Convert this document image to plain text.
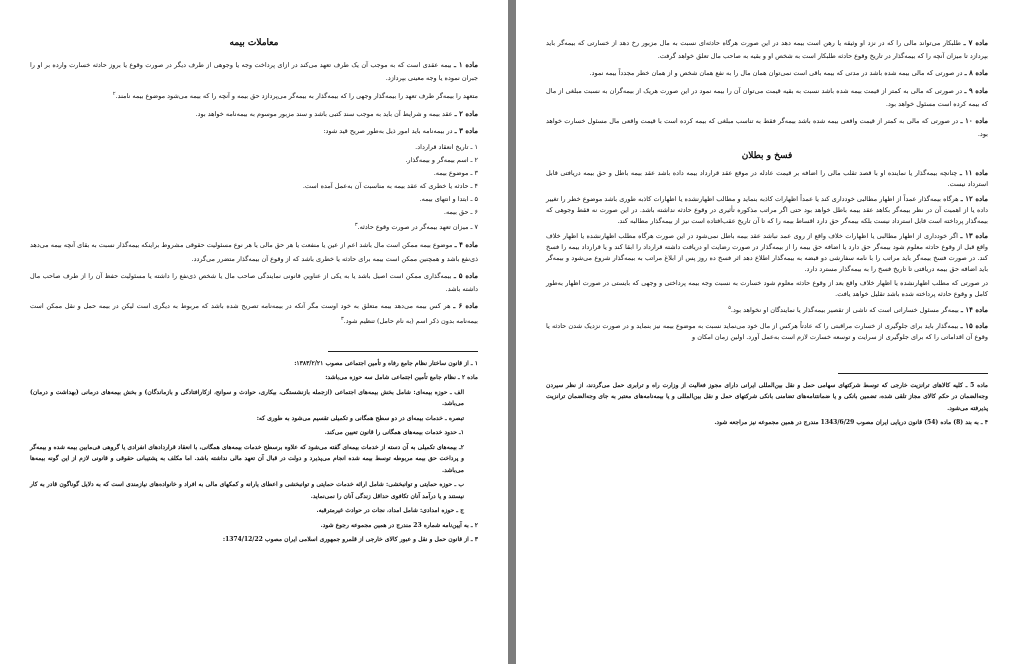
معاملات بیمه

ماده ۱ ـ بیمه عقدی است که به موجب آن یک طرف تعهد می‌کند در ازای پرداخت وجه یا وجوهی از طرف دیگر در صورت وقوع یا بروز حادثه خسارت وارده بر او را جبران نموده یا وجه معینی بپردازد.

متعهد را بیمه‌گر طرف تعهد را بیمه‌گذار وجهی را که بیمه‌گذار به بیمه‌گر می‌پردازد حق بیمه و آنچه را که بیمه می‌شود موضوع بیمه نامند.$^۲$

ماده ۲ ـ عقد بیمه و شرایط آن باید به موجب سند کتبی باشد و سند مزبور موسوم به بیمه‌نامه خواهد بود.

ماده ۳ ـ در بیمه‌نامه باید امور ذیل به‌طور صریح قید شود:

۱ ـ تاریخ انعقاد قرارداد.

۲ ـ اسم بیمه‌گر و بیمه‌گذار.

۳ ـ موضوع بیمه.

۴ ـ حادثه یا خطری که عقد بیمه به مناسبت آن به‌عمل آمده است.

۵ ـ ابتدا و انتهای بیمه.

۶ ـ حق بیمه.

۷ ـ میزان تعهد بیمه‌گر در صورت وقوع حادثه.$^۳$

ماده ۴ ـ موضوع بیمه ممکن است مال باشد اعم از عین یا منفعت یا هر حق مالی یا هر نوع مسئولیت حقوقی مشروط براینکه بیمه‌گذار نسبت به بقای آنچه بیمه می‌دهد ذی‌نفع باشد و همچنین ممکن است بیمه برای حادثه یا خطری باشد که از وقوع آن بیمه‌گذار متضرر می‌گردد.

ماده ۵ ـ بیمه‌گذاری ممکن است اصیل باشد یا به یکی از عناوین قانونی نمایندگی صاحب مال یا شخص ذی‌نفع را داشته یا مسئولیت حفظ آن را از طرف صاحب مال داشته باشد.

ماده ۶ ـ هر کس بیمه می‌دهد بیمه متعلق به خود اوست مگر آنکه در بیمه‌نامه تصریح شده باشد که مربوط به دیگری است لیکن در بیمه حمل و نقل ممکن است بیمه‌نامه بدون ذکر اسم (به نام حامل) تنظیم شود.$^۳$

۱ ـ از قانون ساختار نظام جامع رفاه و تأمین اجتماعی مصوب ۱۳۸۳/۲/۲۱:

ماده ۲ ـ نظام جامع تأمین اجتماعی شامل سه حوزه می‌باشد:

الف ـ حوزه بیمه‌ای: شامل بخش بیمه‌های اجتماعی (ازجمله بازنشستگی، بیکاری، حوادث و سوانح، ازکارافتادگی و بازماندگان) و بخش بیمه‌های درمانی (بهداشت و درمان) می‌باشد.

تبصره ـ خدمات بیمه‌ای در دو سطح همگانی و تکمیلی تقسیم می‌شود به طوری که:

۱ـ حدود خدمات بیمه‌های همگانی را قانون تعیین می‌کند.

۲ـ بیمه‌های تکمیلی به آن دسته از خدمات بیمه‌ای گفته می‌شود که علاوه برسطح خدمات بیمه‌های همگانی، با انعقاد قراردادهای انفرادی یا گروهی فی‌مابین بیمه شده و بیمه‌گر و پرداخت حق بیمه مربوطه توسط بیمه شده انجام می‌پذیرد و دولت در قبال آن تعهد مالی نداشته باشد. اما مکلف به پشتیبانی حقوقی و قانونی لازم از این گونه بیمه‌ها می‌باشد.

ب ـ حوزه حمایتی و توانبخشی: شامل ارائه خدمات حمایتی و توانبخشی و اعطای یارانه و کمکهای مالی به افراد و خانواده‌های نیازمندی است که به دلایل گوناگون قادر به کار نیستند و یا درآمد آنان تکافوی حداقل زندگی آنان را نمی‌نماید.

ج ـ حوزه امدادی: شامل امداد، نجات در حوادث غیرمترقبه.

۲ ـ به آیین‌نامه شماره 23 مندرج در همین مجموعه رجوع شود.

۳ ـ از قانون حمل و نقل و عبور کالای خارجی از قلمرو جمهوری اسلامی ایران مصوب 1374/12/22:

ماده ۷ ـ طلبکار می‌تواند مالی را که در نزد او وثیقه یا رهن است بیمه دهد در این صورت هرگاه حادثه‌ای نسبت به مال مزبور رخ دهد از خسارتی که بیمه‌گر باید بپردازد تا میزان آنچه را که بیمه‌گذار در تاریخ وقوع حادثه طلبکار است به شخص او و بقیه به صاحب مال تعلق خواهد گرفت.

ماده ۸ ـ در صورتی که مالی بیمه شده باشد در مدتی که بیمه باقی است نمی‌توان همان مال را به نفع همان شخص و از همان خطر مجدداً بیمه نمود.

ماده ۹ ـ در صورتی که مالی به کمتر از قیمت بیمه شده باشد نسبت به بقیه قیمت می‌توان آن را بیمه نمود در این صورت هریک از بیمه‌گران به نسبت مبلغی از مال که بیمه کرده است مسئول خواهد بود.

ماده ۱۰ ـ در صورتی که مالی به کمتر از قیمت واقعی بیمه شده باشد بیمه‌گر فقط به تناسب مبلغی که بیمه کرده است با قیمت واقعی مال مسئول خسارت خواهد بود.

فسخ و بطلان

ماده ۱۱ ـ چنانچه بیمه‌گذار یا نماینده او با قصد تقلب مالی را اضافه بر قیمت عادله در موقع عقد قرارداد بیمه داده باشد عقد بیمه باطل و حق بیمه دریافتی قابل استرداد نیست.

ماده ۱۲ ـ هرگاه بیمه‌گذار عمداً از اظهار مطالبی خودداری کند یا عمداً اظهارات کاذبه بنماید و مطالب اظهارنشده یا اظهارات کاذبه طوری باشد موضوع خطر را تغییر داده یا از اهمیت آن در نظر بیمه‌گر بکاهد عقد بیمه باطل خواهد بود حتی اگر مراتب مذکوره تأثیری در وقوع حادثه نداشته باشد. در این صورت نه فقط وجوهی که بیمه‌گذار پرداخته است قابل استرداد نیست بلکه بیمه‌گر حق دارد اقساط بیمه را که تا آن تاریخ عقب‌افتاده است نیز از بیمه‌گذار مطالبه کند.

ماده ۱۳ ـ اگر خودداری از اظهار مطالبی یا اظهارات خلاف واقع از روی عمد نباشد عقد بیمه باطل نمی‌شود در این صورت هرگاه مطلب اظهارنشده یا اظهار خلاف واقع قبل از وقوع حادثه معلوم شود بیمه‌گر حق دارد یا اضافه حق بیمه را از بیمه‌گذار در صورت رضایت او دریافت داشته قرارداد را ابقا کند و یا قرارداد بیمه را فسخ کند. در صورت فسخ بیمه‌گر باید مراتب را با نامه سفارشی دو قبضه به بیمه‌گذار اطلاع دهد اثر فسخ ده روز پس از ابلاغ مراتب به بیمه‌گذار شروع می‌شود و بیمه‌گر باید اضافه حق بیمه دریافتی تا تاریخ فسخ را به بیمه‌گذار مسترد دارد.

در صورتی که مطلب اظهارنشده یا اظهار خلاف واقع بعد از وقوع حادثه معلوم شود خسارت به نسبت وجه بیمه پرداختی و وجهی که بایستی در صورت اظهار به‌طور کامل و وقوع حادثه پرداخته شده باشد تقلیل خواهد یافت.

ماده ۱۴ ـ بیمه‌گر مسئول خساراتی است که ناشی از تقصیر بیمه‌گذار یا نمایندگان او نخواهد بود.$^۵$

ماده ۱۵ ـ بیمه‌گذار باید برای جلوگیری از خسارت مراقبتی را که عادتاً هرکس از مال خود می‌نماید نسبت به موضوع بیمه نیز بنماید و در صورت نزدیک شدن حادثه یا وقوع آن اقداماتی را که برای جلوگیری از سرایت و توسعه خسارت لازم است به‌عمل آورد. اولین زمان امکان و

ماده 5 ـ کلیه کالاهای ترانزیت خارجی که توسط شرکتهای سهامی حمل و نقل بین‌المللی ایرانی دارای مجوز فعالیت از وزارت راه و ترابری حمل می‌گردند، از نظر سیردن وجه‌الضمان در حکم کالای مجاز تلقی شده، تضمین بانکی و یا ضمانتنامه‌های تضامنی بانکی شرکتهای حمل و نقل بین‌المللی و یا بیمه‌نامه‌های معتبر به جای وجه‌الضمان ترانزیت پذیرفته می‌شود.

۴ ـ به بند (8) ماده (54) قانون دریایی ایران مصوب 1343/6/29 مندرج در همین مجموعه نیز مراجعه شود.
